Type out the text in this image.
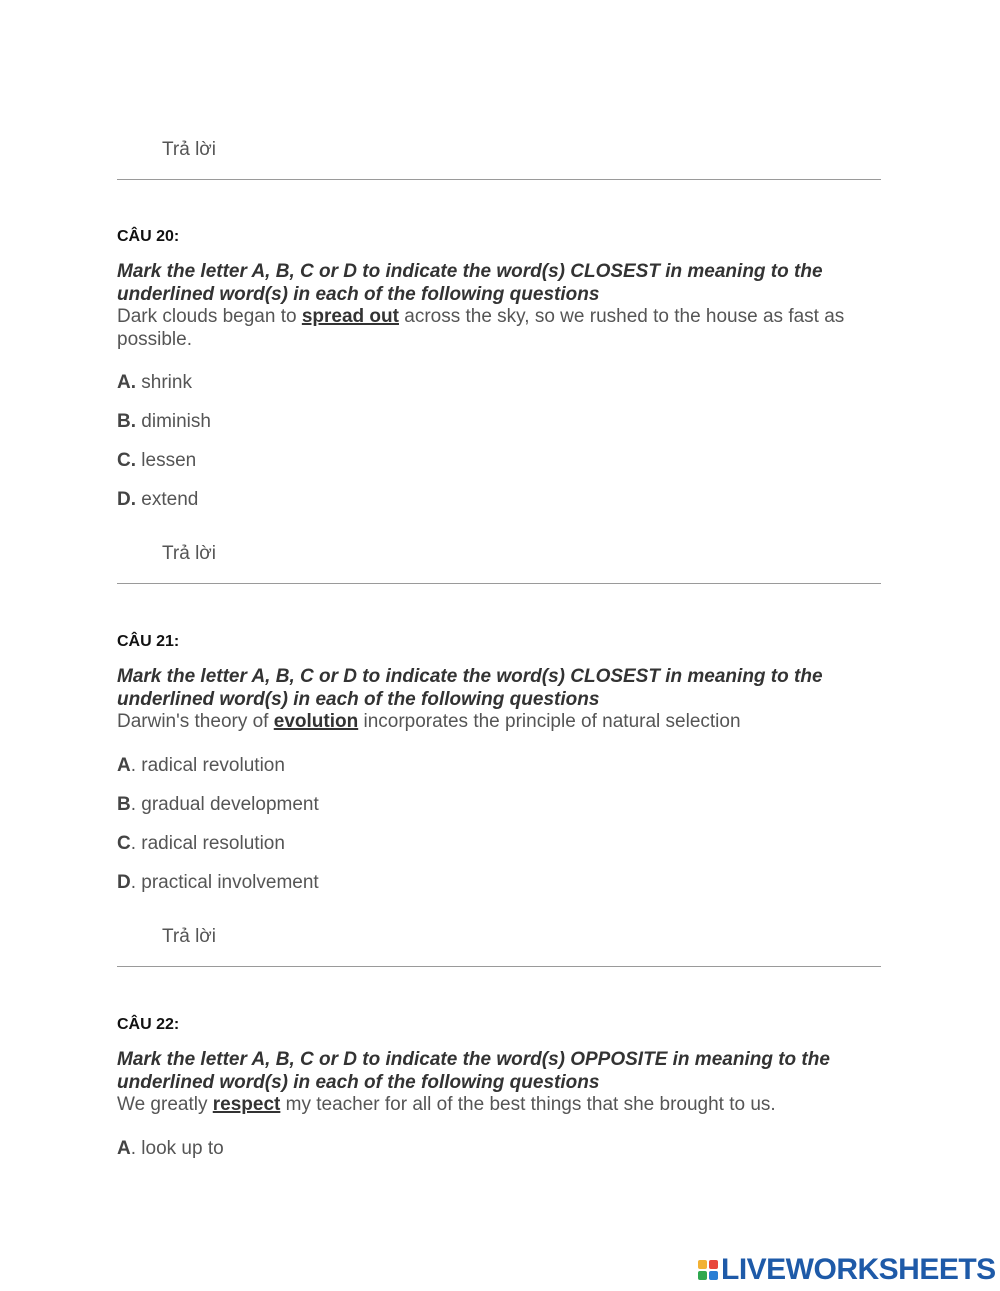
Trả lời
CÂU 20:
Mark the letter A, B, C or D to indicate the word(s) CLOSEST in meaning to the underlined word(s) in each of the following questions
Dark clouds began to spread out across the sky, so we rushed to the house as fast as possible.
A. shrink
B. diminish
C. lessen
D. extend
Trả lời
CÂU 21:
Mark the letter A, B, C or D to indicate the word(s) CLOSEST in meaning to the underlined word(s) in each of the following questions
Darwin's theory of evolution incorporates the principle of natural selection
A. radical revolution
B. gradual development
C. radical resolution
D. practical involvement
Trả lời
CÂU 22:
Mark the letter A, B, C or D to indicate the word(s) OPPOSITE in meaning to the underlined word(s) in each of the following questions
We greatly respect my teacher for all of the best things that she brought to us.
A. look up to
LIVEWORKSHEETS
